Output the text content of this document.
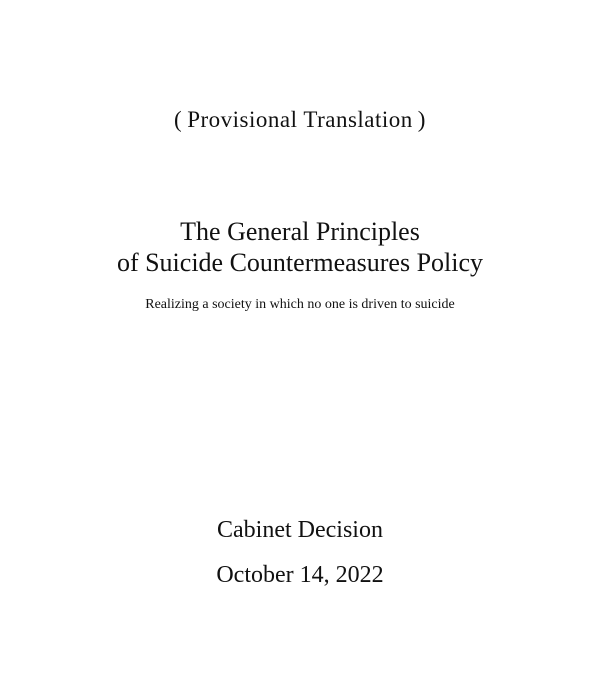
( Provisional Translation )
The General Principles
of Suicide Countermeasures Policy
Realizing a society in which no one is driven to suicide
Cabinet Decision
October 14, 2022
